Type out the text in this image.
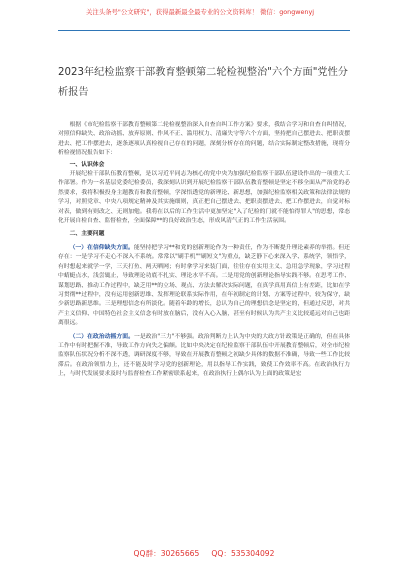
关注头条号"公文研究"，获得最新最全最专业的公文资料库！ 微信：gongwenyj
2023年纪检监察干部教育整顿第二轮检视整治"六个方面"党性分析报告

根据《市纪检监察干部教育整顿第二轮检视整治深入自查自纠工作方案》要求，我结合学习和自查自纠情况，对照信仰缺失、政治动摇、放弃原则、作风不正、滥用权力、清廉失守等六个方面，坚持把自己摆进去、把职责摆进去、把工作摆进去，逐条逐项认真检视自己存在的问题，深刻分析存在的问题，结合实际制定整改措施，现将分析检视情况报告如下：

一、认识体会

开展纪检干部队伍教育整顿，是以习近平同志为核心的党中央为加强纪检监察干部队伍建设作出的一项重大工作部署。作为一名基层党委纪检委员，我深刻认识到开展纪检监察干部队伍教育整顿是坚定不移全面从严治党的必然要求，我将积极投身主题教育和教育整顿，学深悟透党的新理论、新思想，加强纪检监察相关政策和法律法规的学习，对照党章、中央八项规定精神及其实施细则，真正把自己摆进去、把职责摆进去、把工作摆进去，自觉对标对表，做到有则改之、无则加勉。我将在以后的工作生活中更加坚定"入了纪检的门就不能怕得罪人"的思想，常态化开展自检自查、监督检查，全面保障**的良好政治生态，形成风清气正的工作生活氛围。

二、主要问题

（一）在信仰缺失方面。能坚持把学习**和党的创新理论作为一种责任，作为不断提升理论素养的举措。但还存在：一是学习不走心不深入不系统。常常以"刷手机""刷短文"为重点，缺乏静下心来深入学、系统学，领悟学，有时想起来就学一学，三天打鱼、两天晒网；有时拿学习来装门面，往往存在实用主义、急用急学现象，学习过程中蜻蜓点水，浅尝辄止，导致理论功底不扎实、理论水平不高。二是用党的创新理论指导实践不够。在思考工作、谋划思路、推动工作过程中，缺乏用**的立场、观点、方法去解决实际问题，在真学真用真信上有差距，比如在学习贯彻**过程中，没有运用创新思维、发挥理论联系实际作用，在年初制定的计划、方案等过程中，较为保守，缺少新思路新思维。三是理想信念有所淡化。随着年龄的增长，总认为自己的理想信念是坚定的，但通过反思，对共产主义信仰、中国特色社会主义信念有时放在脑后，没有入心入脑，甚至有时候认为共产主义比较遥远对自己也距离很远。

（二）在政治动摇方面。一是政治"三力"不够强。政治判断力上认为中央的大政方针政策是正确的，但在具体工作中有时把握不准，导致工作方向失之偏颇。比如中央决定在纪检监察干部队伍中开展教育整顿后，对全市纪检监察队伍状况分析不深不透，调研深度不够，导致在开展教育整顿之初缺少具体的数据不准确，导致一些工作比较滞后。在政治领悟力上，还不能及时学习党的创新理论，用以指导工作实践，致使工作效率不高。在政治执行力上，与时代发展要求及时与监督检查工作紧密联系起来，在政治执行上偶尔认为上面的政策是宏

QQ群：30265665 QQ：535304092
